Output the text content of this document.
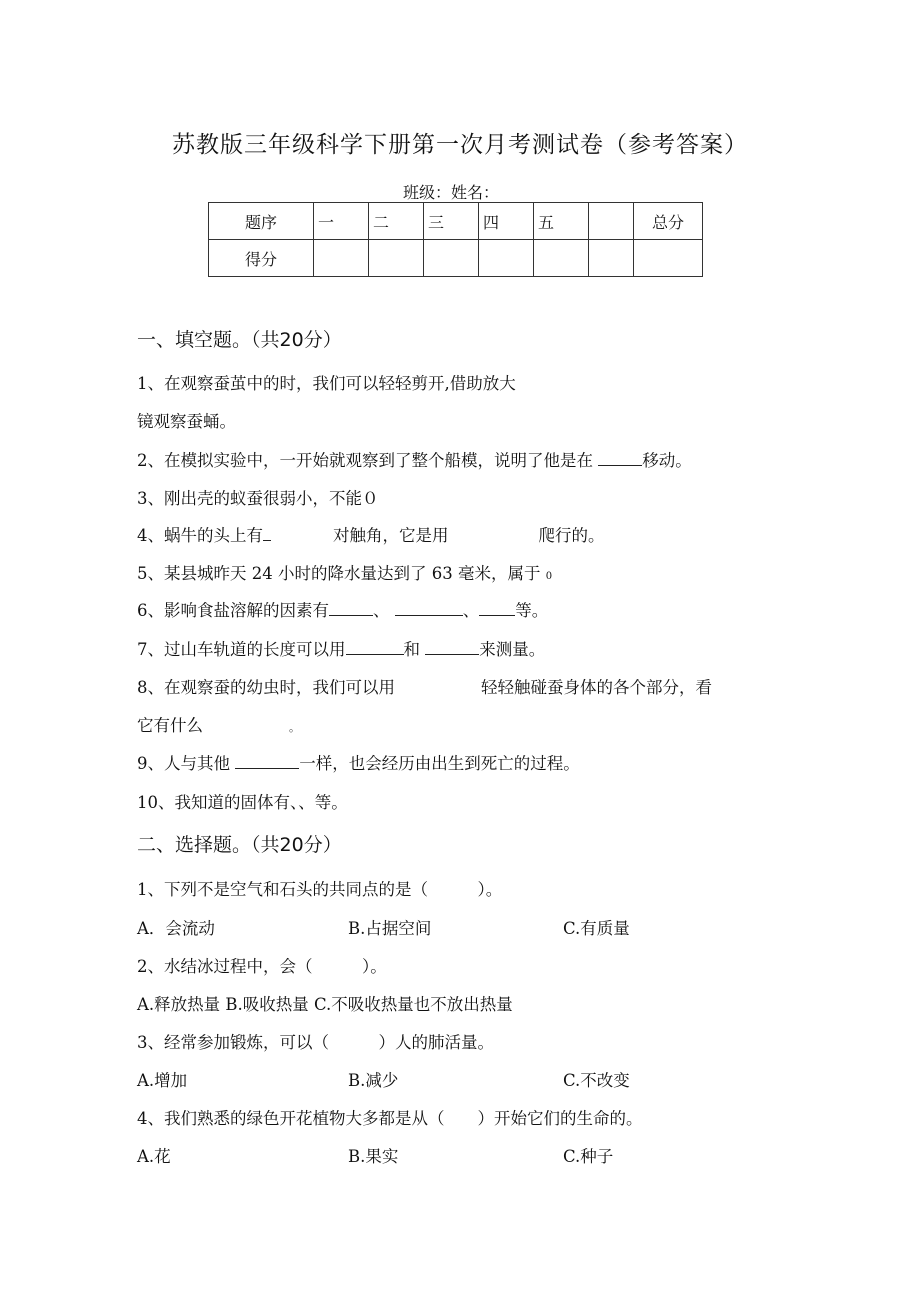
苏教版三年级科学下册第一次月考测试卷（参考答案）
班级：姓名：
题序	一	二	三	四	五		总分
得分							
一、填空题。（共20分）
1、在观察蚕茧中的时，我们可以轻轻剪开,借助放大
镜观察蚕蛹。
2、在模拟实验中，一开始就观察到了整个船模，说明了他是在	移动。
3、刚出壳的蚁蚕很弱小，不能０
4、蜗牛的头上有	对触角，它是用	爬行的。
5、某县城昨天 24 小时的降水量达到了 63 毫米，属于 0
6、影响食盐溶解的因素有	、	、 等。
7、过山车轨道的长度可以用	和	来测量。
8、在观察蚕的幼虫时，我们可以用	轻轻触碰蚕身体的各个部分，看
它有什么	。
9、人与其他	一样，也会经历由出生到死亡的过程。
10、我知道的固体有、、等。
二、选择题。（共20分）
1、下列不是空气和石头的共同点的是（　　　）。
A．会流动	B.占据空间	C.有质量
2、水结冰过程中，会（　　　）。
A.释放热量 B.吸收热量 C.不吸收热量也不放出热量
3、经常参加锻炼，可以（　　　）人的肺活量。
A.增加	B.减少	C.不改变
4、我们熟悉的绿色开花植物大多都是从（　　）开始它们的生命的。
A.花	B.果实	C.种子
